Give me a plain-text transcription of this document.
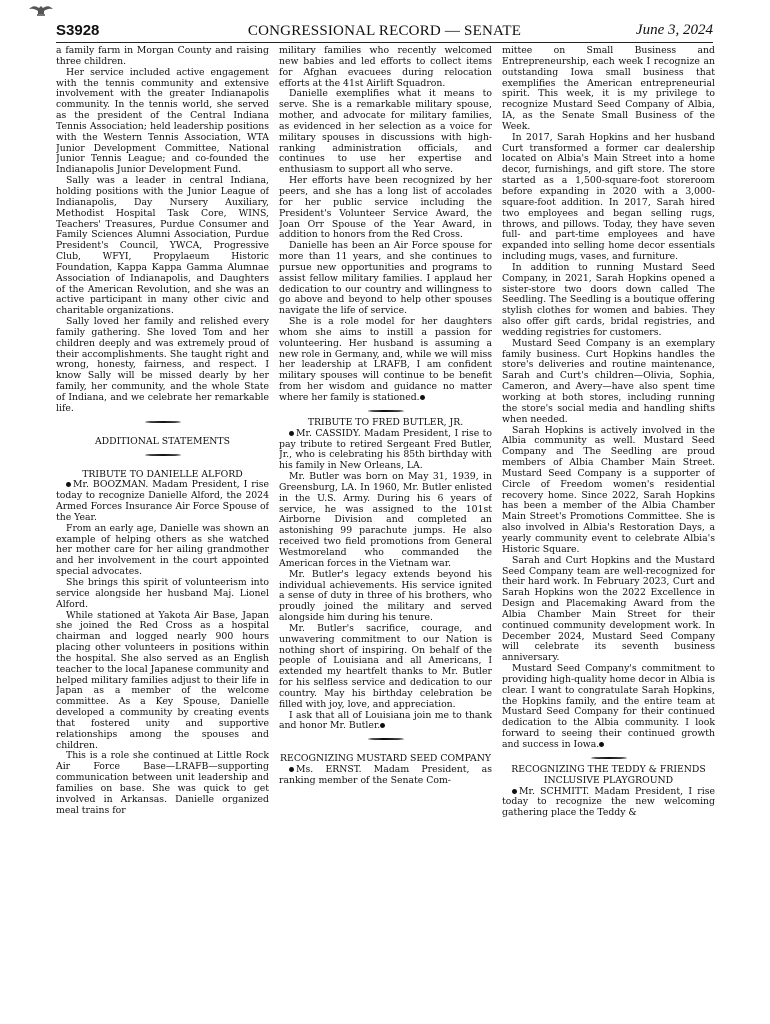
S3928	CONGRESSIONAL RECORD — SENATE	June 3, 2024

a family farm in Morgan County and raising three children.

Her service included active engagement with the tennis community and extensive involvement with the greater Indianapolis community. In the tennis world, she served as the president of the Central Indiana Tennis Association; held leadership positions with the Western Tennis Association, WTA Junior Development Committee, National Junior Tennis League; and co-founded the Indianapolis Junior Development Fund.

Sally was a leader in central Indiana, holding positions with the Junior League of Indianapolis, Day Nursery Auxiliary, Methodist Hospital Task Core, WINS, Teachers' Treasures, Purdue Consumer and Family Sciences Alumni Association, Purdue President's Council, YWCA, Progressive Club, WFYI, Propylaeum Historic Foundation, Kappa Kappa Gamma Alumnae Association of Indianapolis, and Daughters of the American Revolution, and she was an active participant in many other civic and charitable organizations.

Sally loved her family and relished every family gathering. She loved Tom and her children deeply and was extremely proud of their accomplishments. She taught right and wrong, honesty, fairness, and respect. I know Sally will be missed dearly by her family, her community, and the whole State of Indiana, and we celebrate her remarkable life.

ADDITIONAL STATEMENTS
TRIBUTE TO DANIELLE ALFORD

Mr. BOOZMAN. Madam President, I rise today to recognize Danielle Alford, the 2024 Armed Forces Insurance Air Force Spouse of the Year.

From an early age, Danielle was shown an example of helping others as she watched her mother care for her ailing grandmother and her involvement in the court appointed special advocates.

She brings this spirit of volunteerism into service alongside her husband Maj. Lionel Alford.

While stationed at Yakota Air Base, Japan she joined the Red Cross as a hospital chairman and logged nearly 900 hours placing other volunteers in positions within the hospital. She also served as an English teacher to the local Japanese community and helped military families adjust to their life in Japan as a member of the welcome committee. As a Key Spouse, Danielle developed a community by creating events that fostered unity and supportive relationships among the spouses and children.

This is a role she continued at Little Rock Air Force Base—LRAFB—supporting communication between unit leadership and families on base. She was quick to get involved in Arkansas. Danielle organized meal trains for

military families who recently welcomed new babies and led efforts to collect items for Afghan evacuees during relocation efforts at the 41st Airlift Squadron.

Danielle exemplifies what it means to serve. She is a remarkable military spouse, mother, and advocate for military families, as evidenced in her selection as a voice for military spouses in discussions with high-ranking administration officials, and continues to use her expertise and enthusiasm to support all who serve.

Her efforts have been recognized by her peers, and she has a long list of accolades for her public service including the President's Volunteer Service Award, the Joan Orr Spouse of the Year Award, in addition to honors from the Red Cross.

Danielle has been an Air Force spouse for more than 11 years, and she continues to pursue new opportunities and programs to assist fellow military families. I applaud her dedication to our country and willingness to go above and beyond to help other spouses navigate the life of service.

She is a role model for her daughters whom she aims to instill a passion for volunteering. Her husband is assuming a new role in Germany, and, while we will miss her leadership at LRAFB, I am confident military spouses will continue to be benefit from her wisdom and guidance no matter where her family is stationed.

TRIBUTE TO FRED BUTLER, JR.

Mr. CASSIDY. Madam President, I rise to pay tribute to retired Sergeant Fred Butler, Jr., who is celebrating his 85th birthday with his family in New Orleans, LA.

Mr. Butler was born on May 31, 1939, in Greensburg, LA. In 1960, Mr. Butler enlisted in the U.S. Army. During his 6 years of service, he was assigned to the 101st Airborne Division and completed an astonishing 99 parachute jumps. He also received two field promotions from General Westmoreland who commanded the American forces in the Vietnam war.

Mr. Butler's legacy extends beyond his individual achievements. His service ignited a sense of duty in three of his brothers, who proudly joined the military and served alongside him during his tenure.

Mr. Butler's sacrifice, courage, and unwavering commitment to our Nation is nothing short of inspiring. On behalf of the people of Louisiana and all Americans, I extended my heartfelt thanks to Mr. Butler for his selfless service and dedication to our country. May his birthday celebration be filled with joy, love, and appreciation.

I ask that all of Louisiana join me to thank and honor Mr. Butler.

RECOGNIZING MUSTARD SEED COMPANY

Ms. ERNST. Madam President, as ranking member of the Senate Com-

mittee on Small Business and Entrepreneurship, each week I recognize an outstanding Iowa small business that exemplifies the American entrepreneurial spirit. This week, it is my privilege to recognize Mustard Seed Company of Albia, IA, as the Senate Small Business of the Week.

In 2017, Sarah Hopkins and her husband Curt transformed a former car dealership located on Albia's Main Street into a home decor, furnishings, and gift store. The store started as a 1,500-square-foot storeroom before expanding in 2020 with a 3,000-square-foot addition. In 2017, Sarah hired two employees and began selling rugs, throws, and pillows. Today, they have seven full- and part-time employees and have expanded into selling home decor essentials including mugs, vases, and furniture.

In addition to running Mustard Seed Company, in 2021, Sarah Hopkins opened a sister-store two doors down called The Seedling. The Seedling is a boutique offering stylish clothes for women and babies. They also offer gift cards, bridal registries, and wedding registries for customers.

Mustard Seed Company is an exemplary family business. Curt Hopkins handles the store's deliveries and routine maintenance, Sarah and Curt's children—Olivia, Sophia, Cameron, and Avery—have also spent time working at both stores, including running the store's social media and handling shifts when needed.

Sarah Hopkins is actively involved in the Albia community as well. Mustard Seed Company and The Seedling are proud members of Albia Chamber Main Street. Mustard Seed Company is a supporter of Circle of Freedom women's residential recovery home. Since 2022, Sarah Hopkins has been a member of the Albia Chamber Main Street's Promotions Committee. She is also involved in Albia's Restoration Days, a yearly community event to celebrate Albia's Historic Square.

Sarah and Curt Hopkins and the Mustard Seed Company team are well-recognized for their hard work. In February 2023, Curt and Sarah Hopkins won the 2022 Excellence in Design and Placemaking Award from the Albia Chamber Main Street for their continued community development work. In December 2024, Mustard Seed Company will celebrate its seventh business anniversary.

Mustard Seed Company's commitment to providing high-quality home decor in Albia is clear. I want to congratulate Sarah Hopkins, the Hopkins family, and the entire team at Mustard Seed Company for their continued dedication to the Albia community. I look forward to seeing their continued growth and success in Iowa.

RECOGNIZING THE TEDDY & FRIENDS INCLUSIVE PLAYGROUND

Mr. SCHMITT. Madam President, I rise today to recognize the new welcoming gathering place the Teddy &
